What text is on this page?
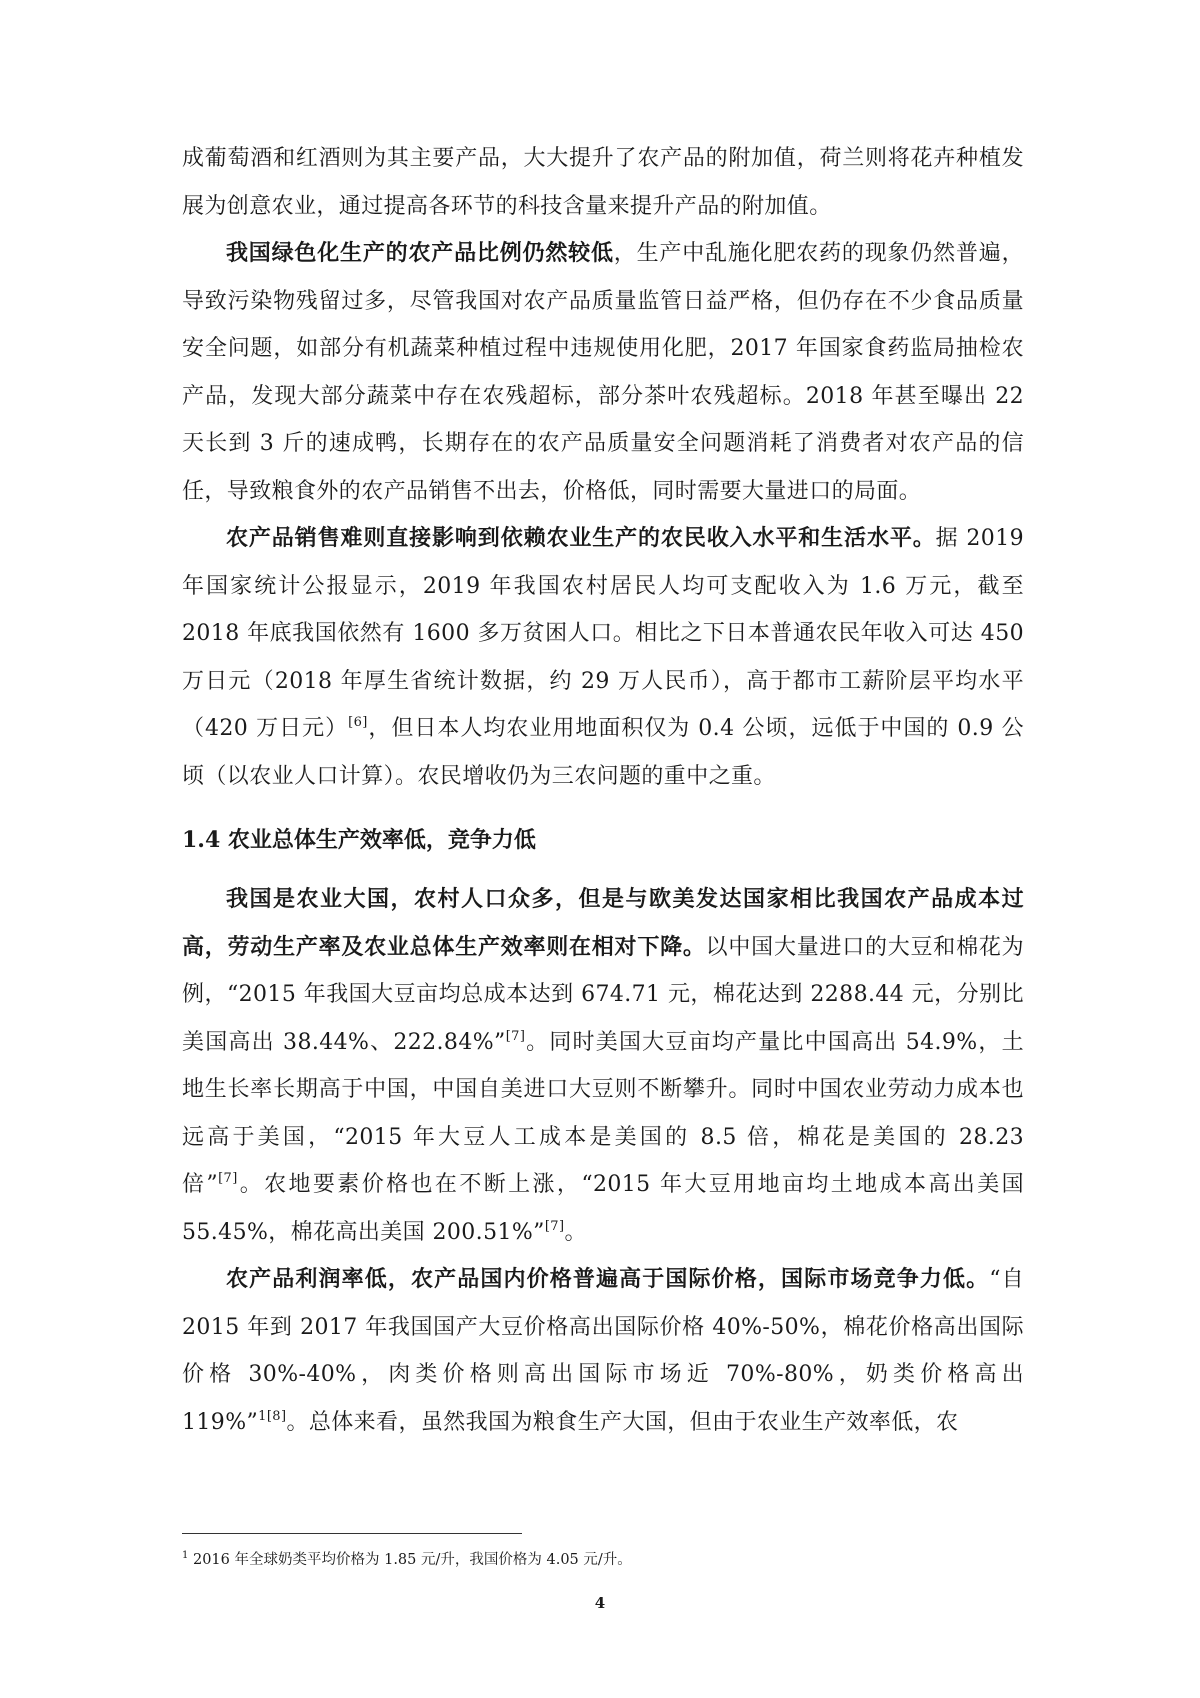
成葡萄酒和红酒则为其主要产品，大大提升了农产品的附加值，荷兰则将花卉种植发展为创意农业，通过提高各环节的科技含量来提升产品的附加值。

我国绿色化生产的农产品比例仍然较低，生产中乱施化肥农药的现象仍然普遍，导致污染物残留过多，尽管我国对农产品质量监管日益严格，但仍存在不少食品质量安全问题，如部分有机蔬菜种植过程中违规使用化肥，2017 年国家食药监局抽检农产品，发现大部分蔬菜中存在农残超标，部分茶叶农残超标。2018 年甚至曝出 22 天长到 3 斤的速成鸭，长期存在的农产品质量安全问题消耗了消费者对农产品的信任，导致粮食外的农产品销售不出去，价格低，同时需要大量进口的局面。

农产品销售难则直接影响到依赖农业生产的农民收入水平和生活水平。据 2019 年国家统计公报显示，2019 年我国农村居民人均可支配收入为 1.6 万元，截至 2018 年底我国依然有 1600 多万贫困人口。相比之下日本普通农民年收入可达 450 万日元（2018 年厚生省统计数据，约 29 万人民币），高于都市工薪阶层平均水平（420 万日元）[6]，但日本人均农业用地面积仅为 0.4 公顷，远低于中国的 0.9 公顷（以农业人口计算）。农民增收仍为三农问题的重中之重。

1.4 农业总体生产效率低，竞争力低

我国是农业大国，农村人口众多，但是与欧美发达国家相比我国农产品成本过高，劳动生产率及农业总体生产效率则在相对下降。以中国大量进口的大豆和棉花为例，“2015 年我国大豆亩均总成本达到 674.71 元，棉花达到 2288.44 元，分别比美国高出 38.44%、222.84%”[7]。同时美国大豆亩均产量比中国高出 54.9%，土地生长率长期高于中国，中国自美进口大豆则不断攀升。同时中国农业劳动力成本也远高于美国，“2015 年大豆人工成本是美国的 8.5 倍，棉花是美国的 28.23 倍”[7]。农地要素价格也在不断上涨，“2015 年大豆用地亩均土地成本高出美国 55.45%，棉花高出美国 200.51%”[7]。

农产品利润率低，农产品国内价格普遍高于国际价格，国际市场竞争力低。“自 2015 年到 2017 年我国国产大豆价格高出国际价格 40%-50%，棉花价格高出国际价格 30%-40%，肉类价格则高出国际市场近 70%-80%，奶类价格高出 119%”$^{1[8]}$。总体来看，虽然我国为粮食生产大国，但由于农业生产效率低，农

$^1$ 2016 年全球奶类平均价格为 1.85 元/升，我国价格为 4.05 元/升。
4
